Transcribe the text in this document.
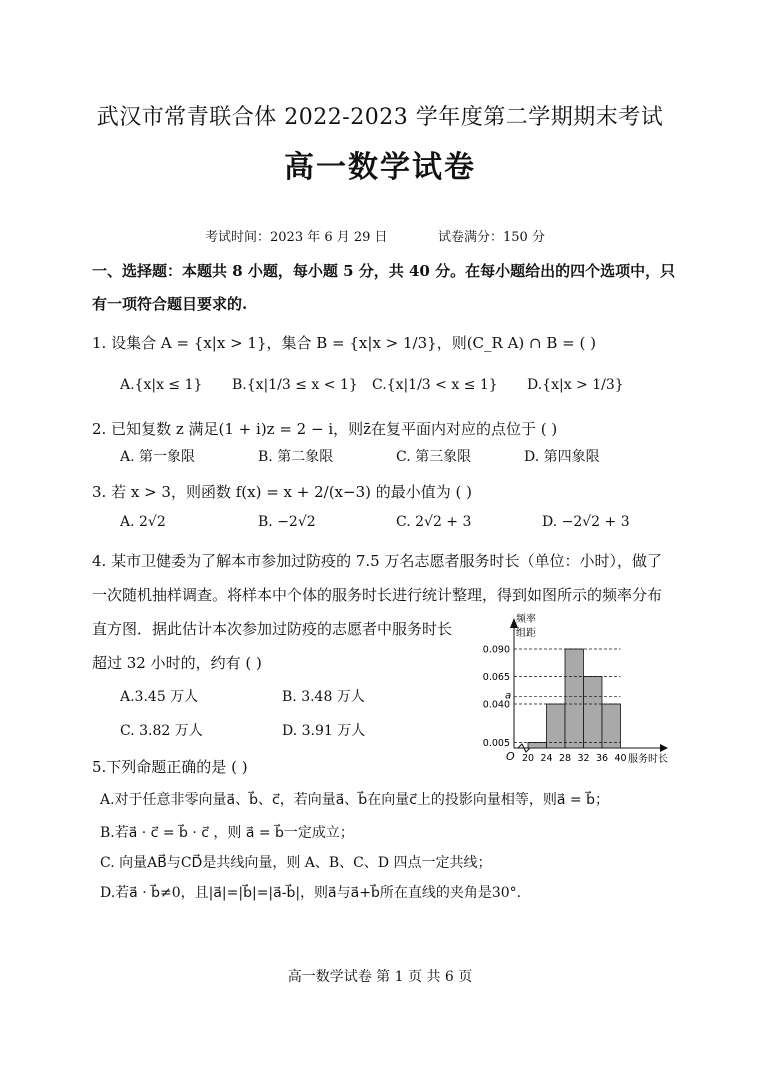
武汉市常青联合体 2022-2023 学年度第二学期期末考试
高一数学试卷
考试时间：2023 年 6 月 29 日	试卷满分：150 分
一、选择题：本题共 8 小题，每小题 5 分，共 40 分。在每小题给出的四个选项中，只
有一项符合题目要求的.
1. 设集合 A = {x|x > 1}，集合 B = {x|x > 1/3}，则(C_R A) ∩ B = ( )
A.{x|x ≤ 1} B.{x|1/3 ≤ x < 1} C.{x|1/3 < x ≤ 1} D.{x|x > 1/3}
2. 已知复数 z 满足(1 + i)z = 2 − i，则z̄在复平面内对应的点位于 ( )
A. 第一象限	B. 第二象限	C. 第三象限	D. 第四象限
3. 若 x > 3，则函数 f(x) = x + 2/(x−3) 的最小值为 ( )
A. 2√2	B. −2√2	C. 2√2 + 3	D. −2√2 + 3
4. 某市卫健委为了解本市参加过防疫的 7.5 万名志愿者服务时长（单位：小时），做了
一次随机抽样调查。将样本中个体的服务时长进行统计整理，得到如图所示的频率分布
直方图．据此估计本次参加过防疫的志愿者中服务时长
超过 32 小时的，约有 ( )
A.3.45 万人	B. 3.48 万人
C. 3.82 万人	D. 3.91 万人
频率
组距
O	服务时长
0.005
0.040
0.065
0.090
20 24 28 32 36 40
a
5.下列命题正确的是 ( )
A.对于任意非零向量a⃗、b⃗、c⃗，若向量a⃗、b⃗在向量c⃗上的投影向量相等，则a⃗ = b⃗；
B.若a⃗ · c⃗ = b⃗ · c⃗ ，则 a⃗ = b⃗一定成立；
C. 向量AB⃗与CD⃗是共线向量，则 A、B、C、D 四点一定共线；
D.若a⃗ · b⃗≠0，且|a⃗|=|b⃗|=|a⃗-b⃗|，则a⃗与a⃗+b⃗所在直线的夹角是30°.
高一数学试卷 第 1 页 共 6 页
